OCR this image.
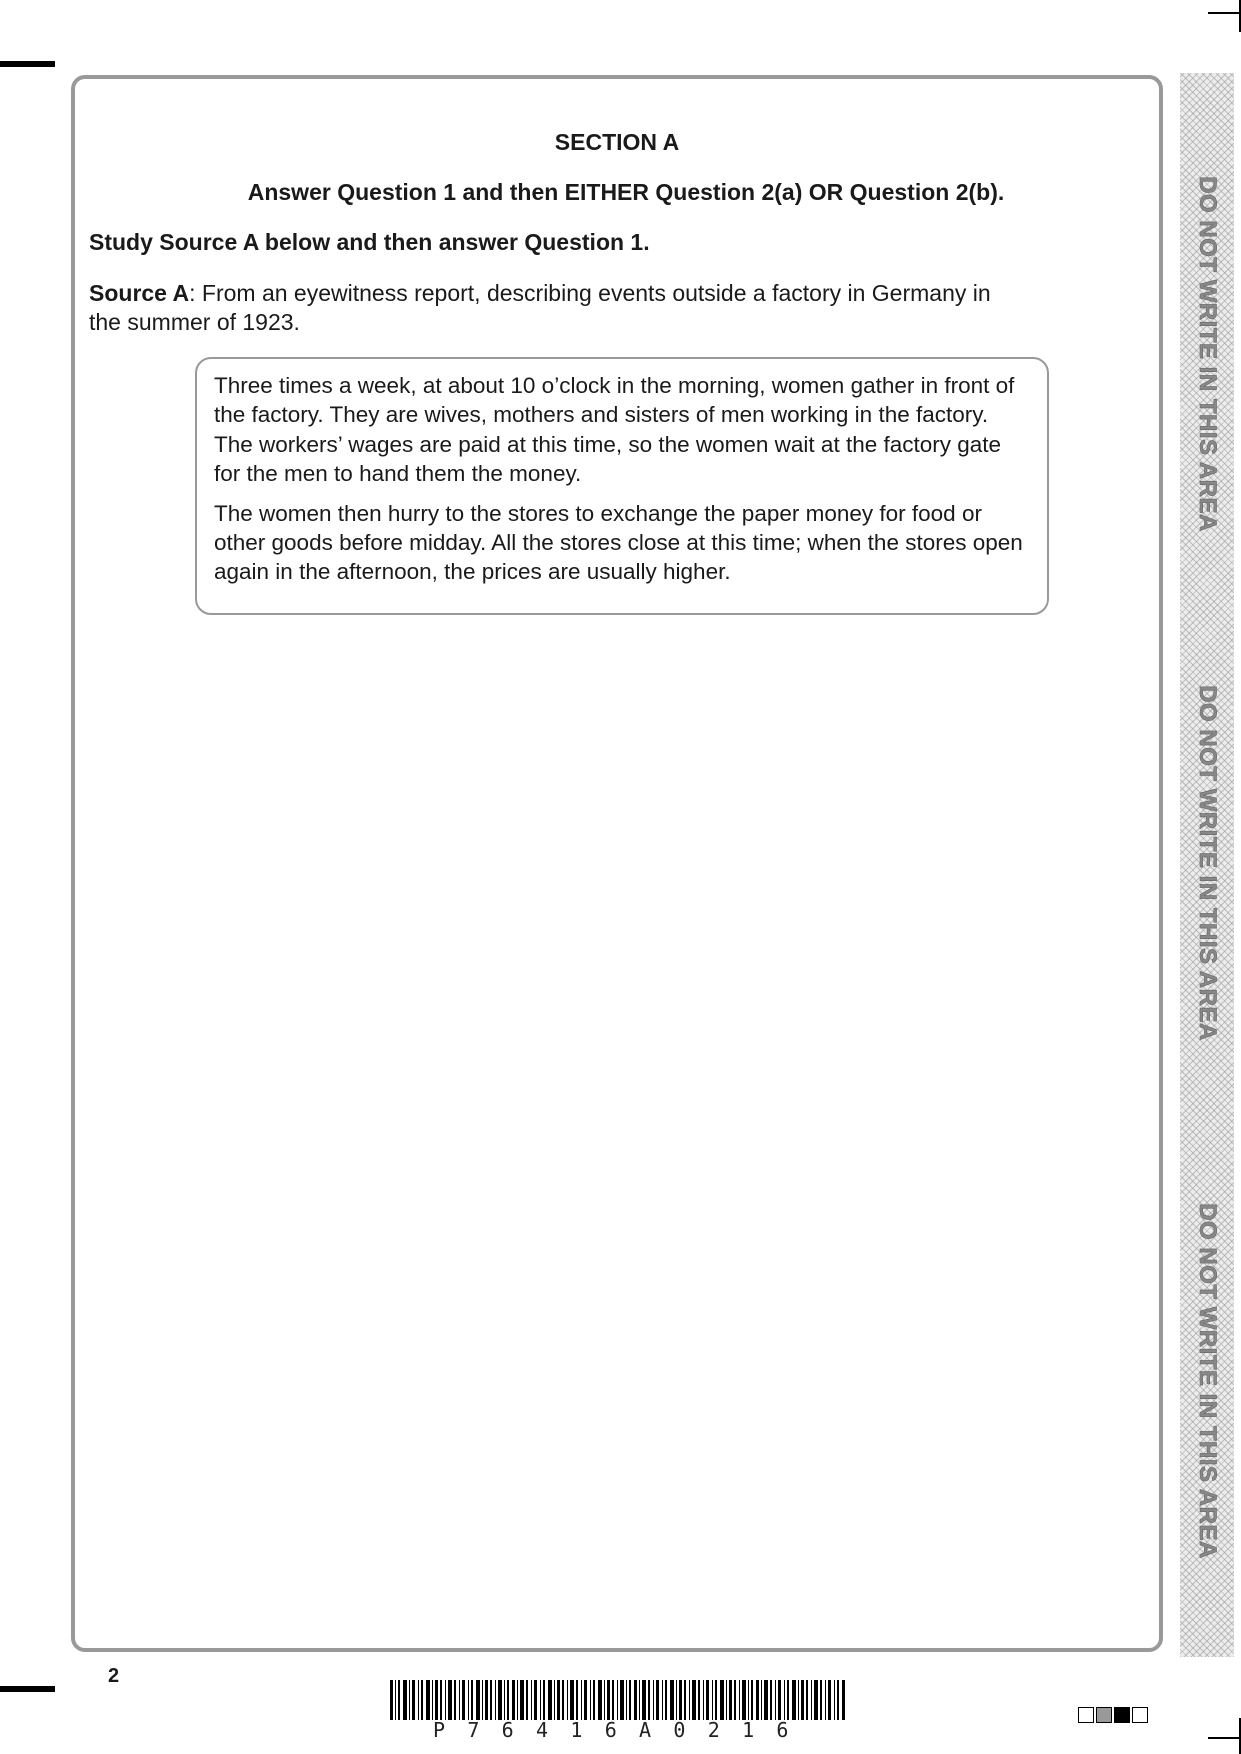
SECTION A
Answer Question 1 and then EITHER Question 2(a) OR Question 2(b).
Study Source A below and then answer Question 1.
Source A: From an eyewitness report, describing events outside a factory in Germany in the summer of 1923.

Three times a week, at about 10 o’clock in the morning, women gather in front of the factory. They are wives, mothers and sisters of men working in the factory. The workers’ wages are paid at this time, so the women wait at the factory gate for the men to hand them the money.

The women then hurry to the stores to exchange the paper money for food or other goods before midday. All the stores close at this time; when the stores open again in the afternoon, the prices are usually higher.

DO NOT WRITE IN THIS AREA
DO NOT WRITE IN THIS AREA
DO NOT WRITE IN THIS AREA
2
P76416A0216
